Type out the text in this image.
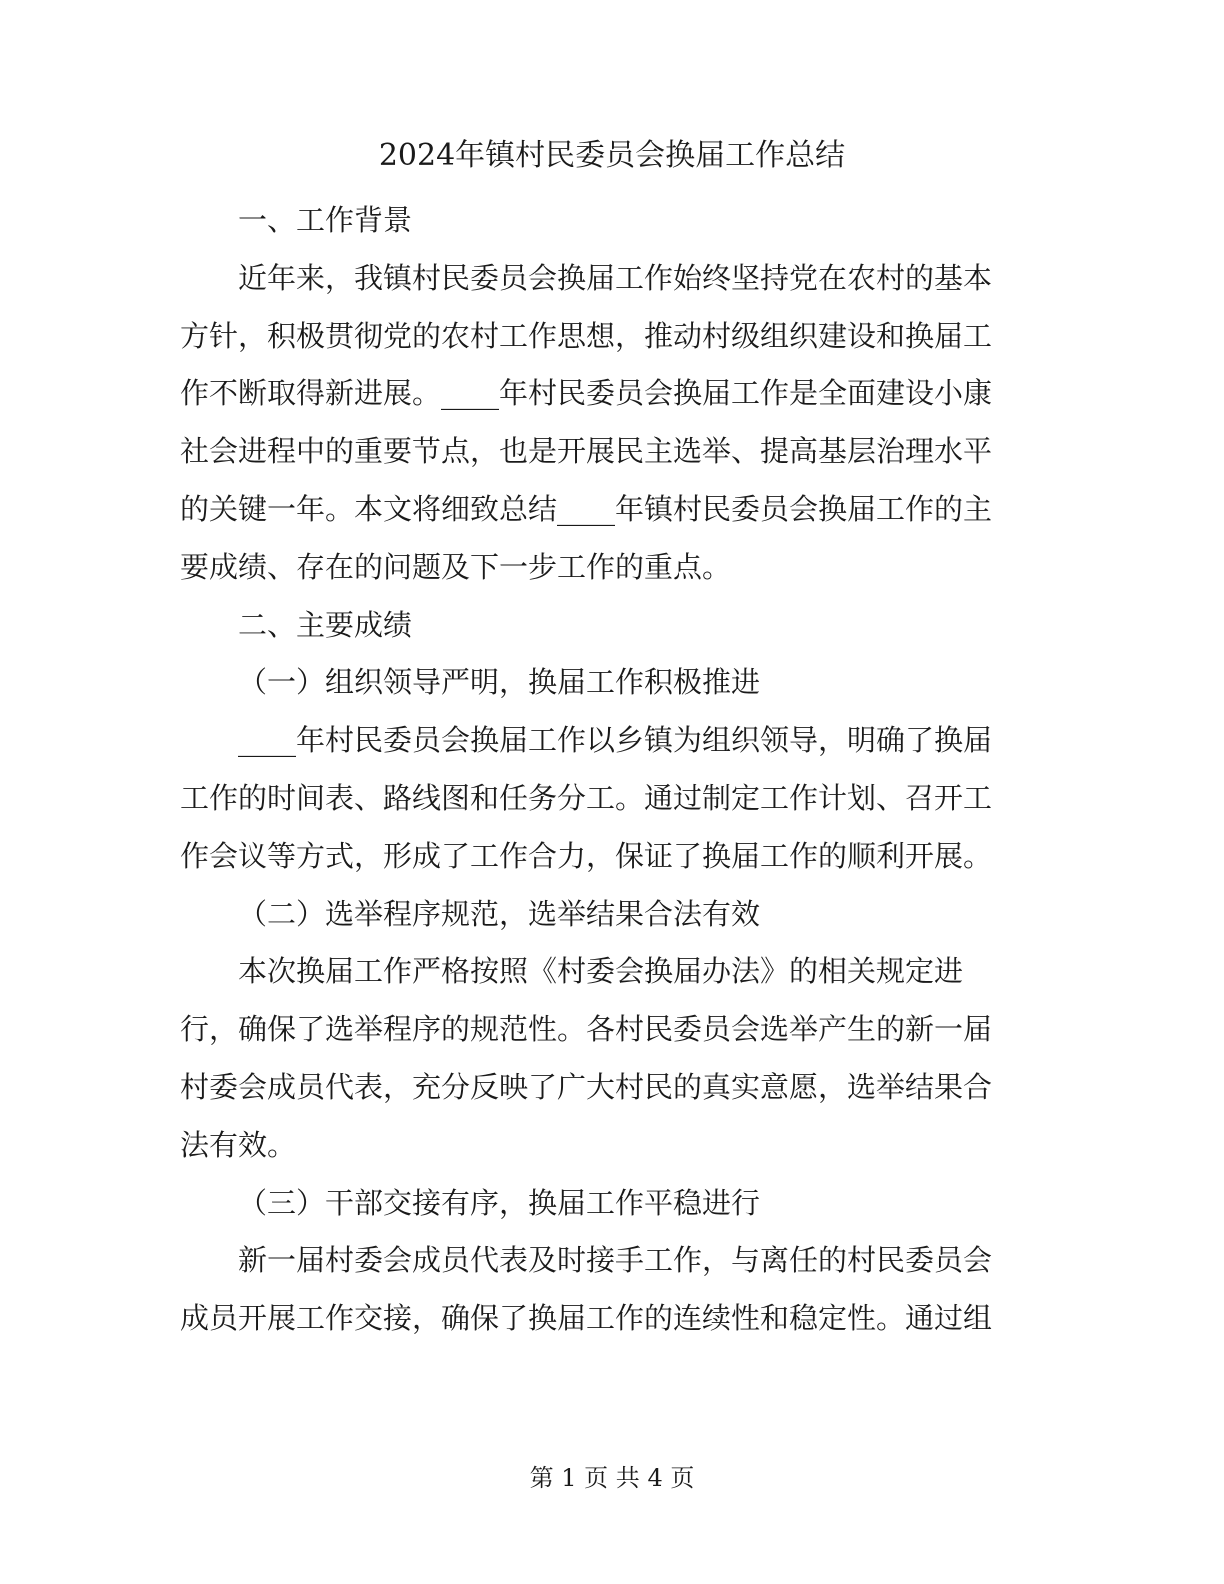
2024年镇村民委员会换届工作总结
一、工作背景
近年来，我镇村民委员会换届工作始终坚持党在农村的基本
方针，积极贯彻党的农村工作思想，推动村级组织建设和换届工
作不断取得新进展。____年村民委员会换届工作是全面建设小康
社会进程中的重要节点，也是开展民主选举、提高基层治理水平
的关键一年。本文将细致总结____年镇村民委员会换届工作的主
要成绩、存在的问题及下一步工作的重点。
二、主要成绩
（一）组织领导严明，换届工作积极推进
____年村民委员会换届工作以乡镇为组织领导，明确了换届
工作的时间表、路线图和任务分工。通过制定工作计划、召开工
作会议等方式，形成了工作合力，保证了换届工作的顺利开展。
（二）选举程序规范，选举结果合法有效
本次换届工作严格按照《村委会换届办法》的相关规定进
行，确保了选举程序的规范性。各村民委员会选举产生的新一届
村委会成员代表，充分反映了广大村民的真实意愿，选举结果合
法有效。
（三）干部交接有序，换届工作平稳进行
新一届村委会成员代表及时接手工作，与离任的村民委员会
成员开展工作交接，确保了换届工作的连续性和稳定性。通过组
第 1 页 共 4 页
